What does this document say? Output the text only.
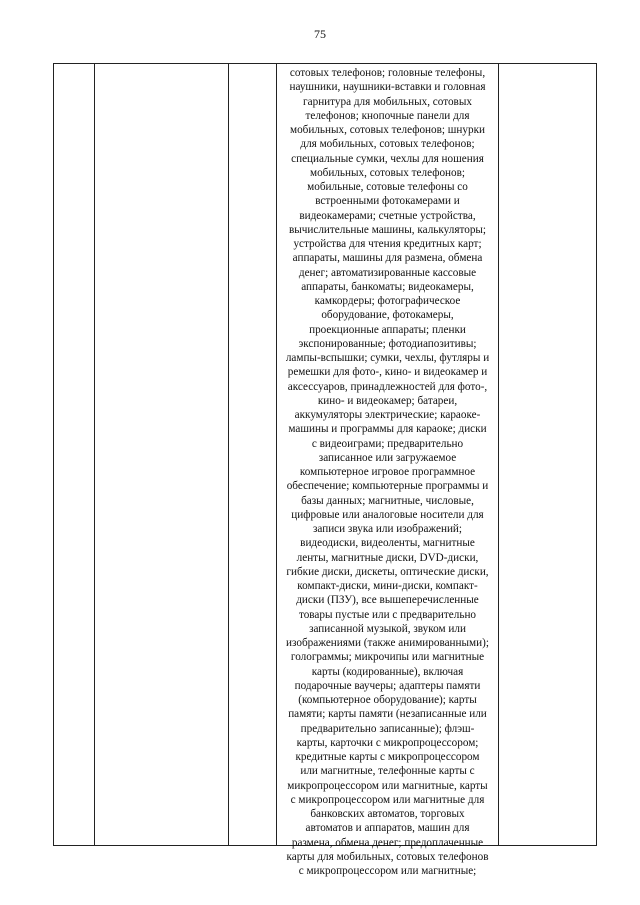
75
сотовых телефонов; головные телефоны,
наушники, наушники-вставки и головная
гарнитура для мобильных, сотовых
телефонов; кнопочные панели для
мобильных, сотовых телефонов; шнурки
для мобильных, сотовых телефонов;
специальные сумки, чехлы для ношения
мобильных, сотовых телефонов;
мобильные, сотовые телефоны со
встроенными фотокамерами и
видеокамерами; счетные устройства,
вычислительные машины, калькуляторы;
устройства для чтения кредитных карт;
аппараты, машины для размена, обмена
денег; автоматизированные кассовые
аппараты, банкоматы; видеокамеры,
камкордеры; фотографическое
оборудование, фотокамеры,
проекционные аппараты; пленки
экспонированные; фотодиапозитивы;
лампы-вспышки; сумки, чехлы, футляры и
ремешки для фото-, кино- и видеокамер и
аксессуаров, принадлежностей для фото-,
кино- и видеокамер; батареи,
аккумуляторы электрические; караоке-
машины и программы для караоке; диски
с видеоиграми; предварительно
записанное или загружаемое
компьютерное игровое программное
обеспечение; компьютерные программы и
базы данных; магнитные, числовые,
цифровые или аналоговые носители для
записи звука или изображений;
видеодиски, видеоленты, магнитные
ленты, магнитные диски, DVD-диски,
гибкие диски, дискеты, оптические диски,
компакт-диски, мини-диски, компакт-
диски (ПЗУ), все вышеперечисленные
товары пустые или с предварительно
записанной музыкой, звуком или
изображениями (также анимированными);
голограммы; микрочипы или магнитные
карты (кодированные), включая
подарочные ваучеры; адаптеры памяти
(компьютерное оборудование); карты
памяти; карты памяти (незаписанные или
предварительно записанные); флэш-
карты, карточки с микропроцессором;
кредитные карты с микропроцессором
или магнитные, телефонные карты с
микропроцессором или магнитные, карты
с микропроцессором или магнитные для
банковских автоматов, торговых
автоматов и аппаратов, машин для
размена, обмена денег; предоплаченные
карты для мобильных, сотовых телефонов
с микропроцессором или магнитные;
